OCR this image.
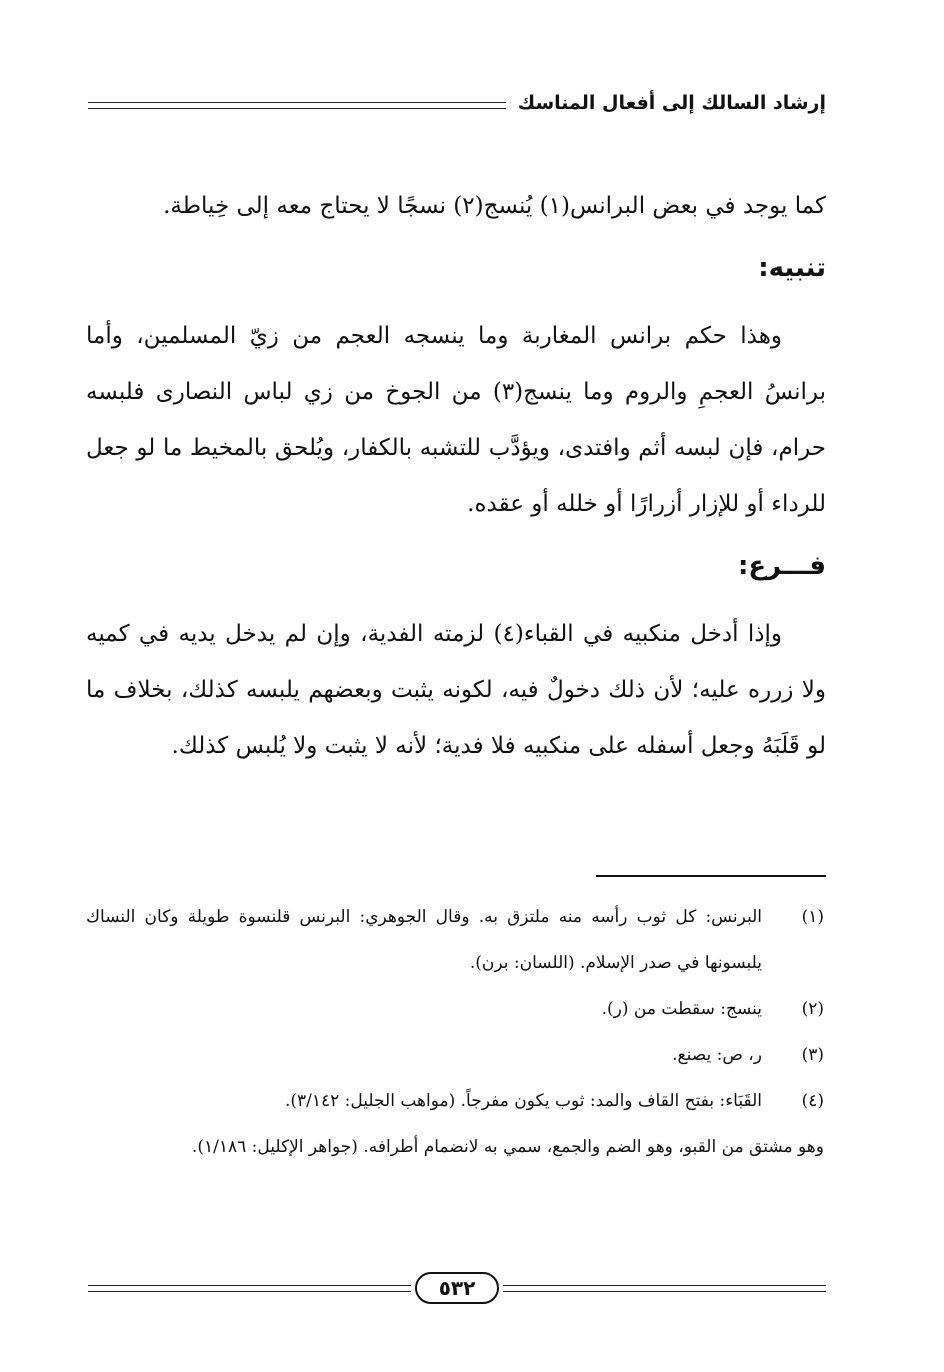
إرشاد السالك إلى أفعال المناسك

كما يوجد في بعض البرانس(١) يُنسج(٢) نسجًا لا يحتاج معه إلى خِياطة.

تنبيه:

وهذا حكم برانس المغاربة وما ينسجه العجم من زيّ المسلمين، وأما برانسُ العجمِ والروم وما ينسج(٣) من الجوخ من زي لباس النصارى فلبسه حرام، فإن لبسه أثم وافتدى، ويؤدَّب للتشبه بالكفار، ويُلحق بالمخيط ما لو جعل للرداء أو للإزار أزرارًا أو خلله أو عقده.

فـــرع:

وإذا أدخل منكبيه في القباء(٤) لزمته الفدية، وإن لم يدخل يديه في كميه ولا زرره عليه؛ لأن ذلك دخولٌ فيه، لكونه يثبت وبعضهم يلبسه كذلك، بخلاف ما لو قَلَبَهُ وجعل أسفله على منكبيه فلا فدية؛ لأنه لا يثبت ولا يُلبس كذلك.

(١)
البرنس: كل ثوب رأسه منه ملتزق به. وقال الجوهري: البرنس قلنسوة طويلة وكان النساك يلبسونها في صدر الإسلام. (اللسان: برن).
(٢)
ينسج: سقطت من (ر).
(٣)
ر، ص: يصنع.
(٤)
القَبَاء: بفتح القاف والمد: ثوب يكون مفرجاً. (مواهب الجليل: ٣/١٤٢).
وهو مشتق من القبو، وهو الضم والجمع، سمي به لانضمام أطرافه. (جواهر الإكليل: ١/١٨٦).
٥٣٢
